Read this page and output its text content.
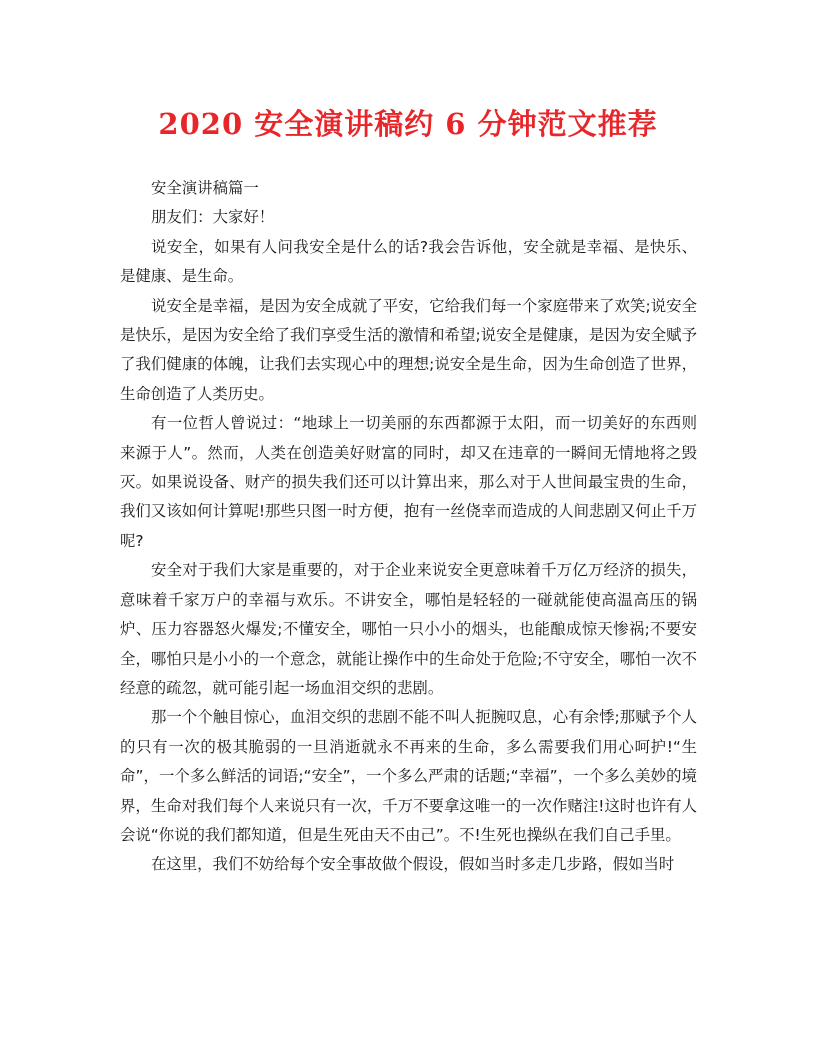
2020 安全演讲稿约 6 分钟范文推荐

安全演讲稿篇一

朋友们：大家好！

说安全，如果有人问我安全是什么的话?我会告诉他，安全就是幸福、是快乐、是健康、是生命。

说安全是幸福，是因为安全成就了平安，它给我们每一个家庭带来了欢笑;说安全是快乐，是因为安全给了我们享受生活的激情和希望;说安全是健康，是因为安全赋予了我们健康的体魄，让我们去实现心中的理想;说安全是生命，因为生命创造了世界，生命创造了人类历史。

有一位哲人曾说过：“地球上一切美丽的东西都源于太阳，而一切美好的东西则来源于人”。然而，人类在创造美好财富的同时，却又在违章的一瞬间无情地将之毁灭。如果说设备、财产的损失我们还可以计算出来，那么对于人世间最宝贵的生命，我们又该如何计算呢!那些只图一时方便，抱有一丝侥幸而造成的人间悲剧又何止千万呢?

安全对于我们大家是重要的，对于企业来说安全更意味着千万亿万经济的损失，意味着千家万户的幸福与欢乐。不讲安全，哪怕是轻轻的一碰就能使高温高压的锅炉、压力容器怒火爆发;不懂安全，哪怕一只小小的烟头，也能酿成惊天惨祸;不要安全，哪怕只是小小的一个意念，就能让操作中的生命处于危险;不守安全，哪怕一次不经意的疏忽，就可能引起一场血泪交织的悲剧。

那一个个触目惊心，血泪交织的悲剧不能不叫人扼腕叹息，心有余悸;那赋予个人的只有一次的极其脆弱的一旦消逝就永不再来的生命，多么需要我们用心呵护!“生命”，一个多么鲜活的词语;“安全”，一个多么严肃的话题;“幸福”，一个多么美妙的境界，生命对我们每个人来说只有一次，千万不要拿这唯一的一次作赌注!这时也许有人会说“你说的我们都知道，但是生死由天不由己”。不!生死也操纵在我们自己手里。

在这里，我们不妨给每个安全事故做个假设，假如当时多走几步路，假如当时
